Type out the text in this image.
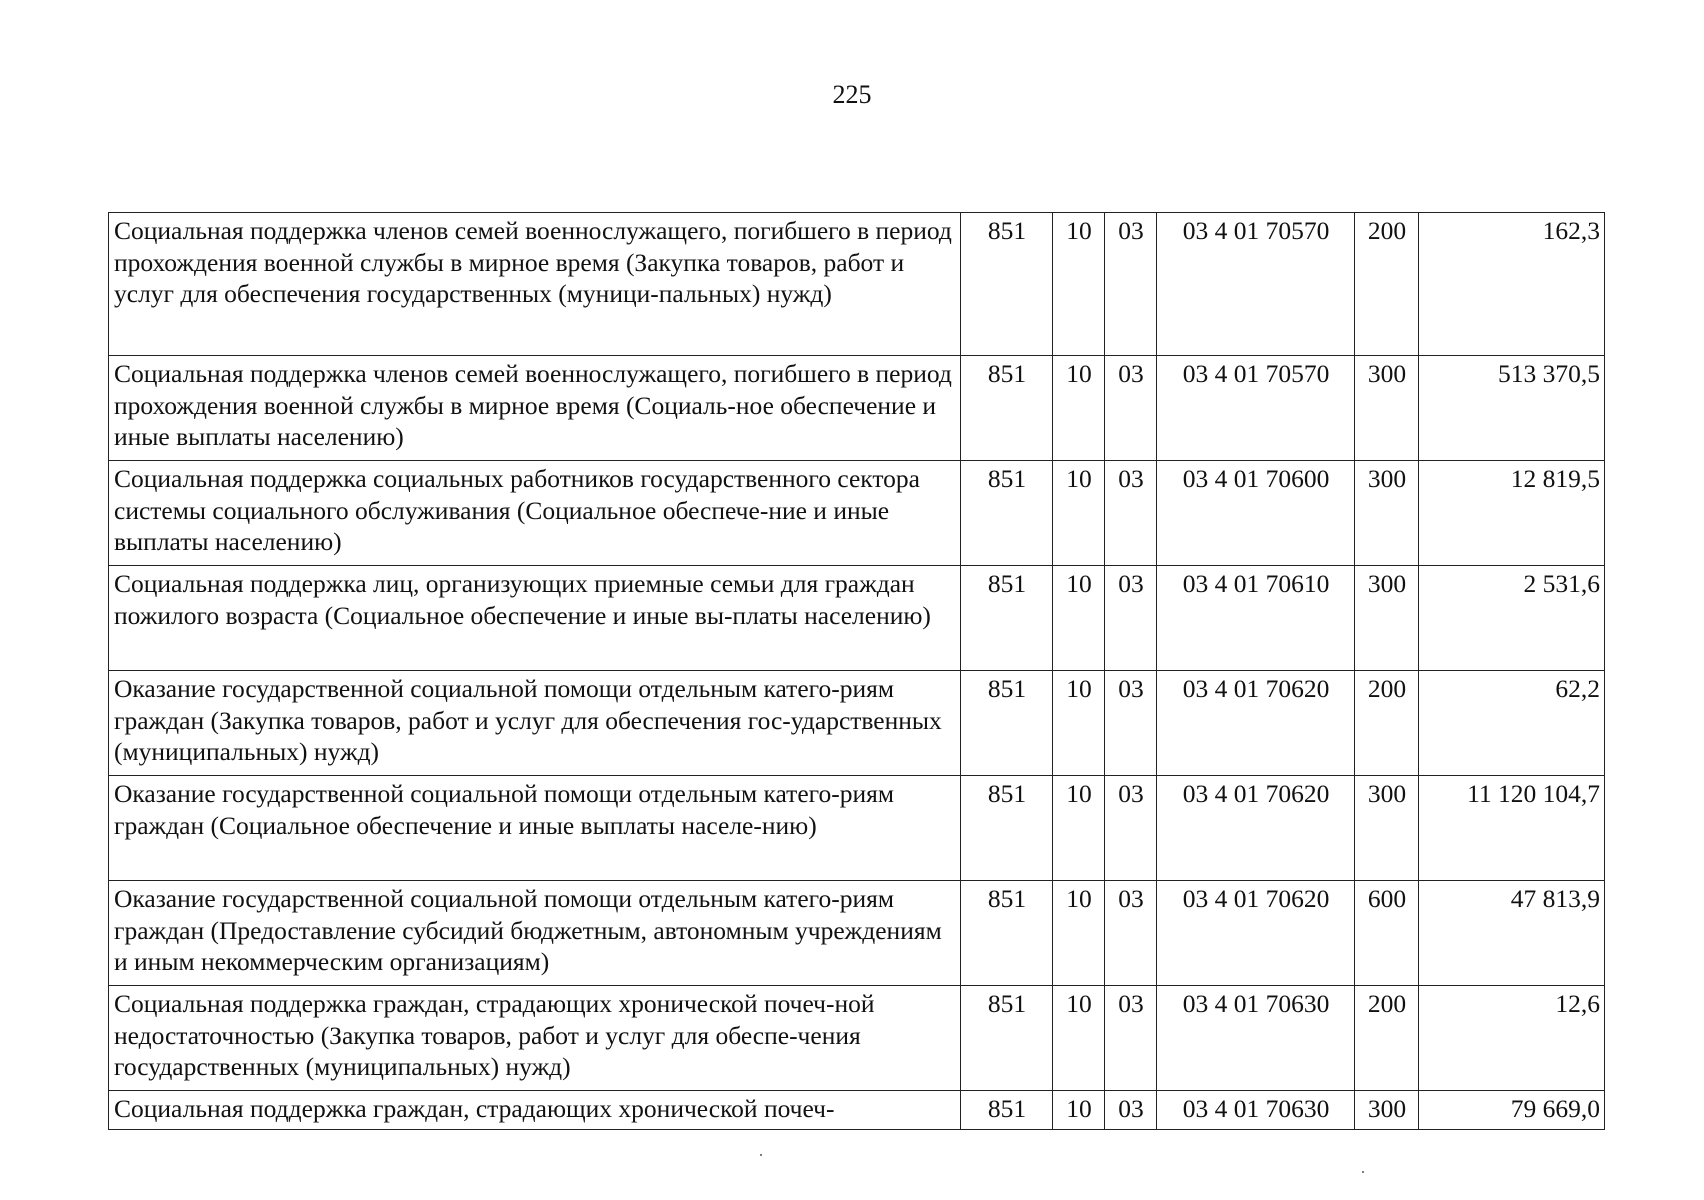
225
Социальная поддержка членов семей военнослужащего, погибшего в период прохождения военной службы в мирное время (Закупка товаров, работ и услуг для обеспечения государственных (муници-пальных) нужд)	851	10	03	03 4 01 70570	200	162,3
Социальная поддержка членов семей военнослужащего, погибшего в период прохождения военной службы в мирное время (Социаль-ное обеспечение и иные выплаты населению)	851	10	03	03 4 01 70570	300	513 370,5
Социальная поддержка социальных работников государственного сектора системы социального обслуживания (Социальное обеспече-ние и иные выплаты населению)	851	10	03	03 4 01 70600	300	12 819,5
Социальная поддержка лиц, организующих приемные семьи для граждан пожилого возраста (Социальное обеспечение и иные вы-платы населению)	851	10	03	03 4 01 70610	300	2 531,6
Оказание государственной социальной помощи отдельным катего-риям граждан (Закупка товаров, работ и услуг для обеспечения гос-ударственных (муниципальных) нужд)	851	10	03	03 4 01 70620	200	62,2
Оказание государственной социальной помощи отдельным катего-риям граждан (Социальное обеспечение и иные выплаты населе-нию)	851	10	03	03 4 01 70620	300	11 120 104,7
Оказание государственной социальной помощи отдельным катего-риям граждан (Предоставление субсидий бюджетным, автономным учреждениям и иным некоммерческим организациям)	851	10	03	03 4 01 70620	600	47 813,9
Социальная поддержка граждан, страдающих хронической почеч-ной недостаточностью (Закупка товаров, работ и услуг для обеспе-чения государственных (муниципальных) нужд)	851	10	03	03 4 01 70630	200	12,6
Социальная поддержка граждан, страдающих хронической почеч-	851	10	03	03 4 01 70630	300	79 669,0
